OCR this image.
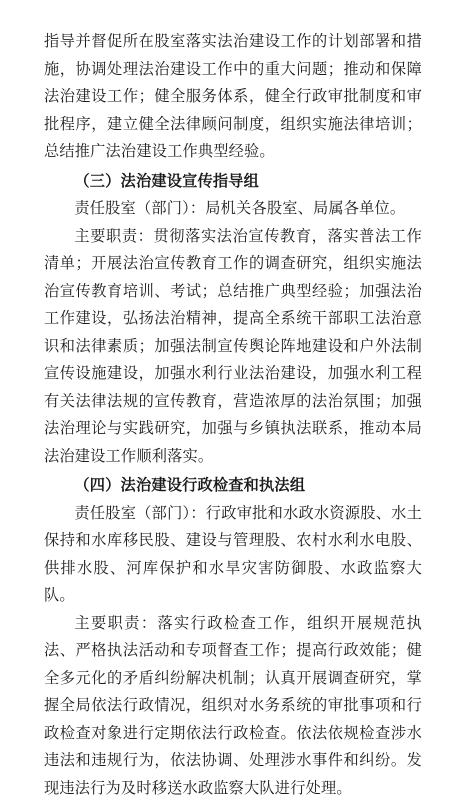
指导并督促所在股室落实法治建设工作的计划部署和措施，协调处理法治建设工作中的重大问题；推动和保障法治建设工作；健全服务体系，健全行政审批制度和审批程序，建立健全法律顾问制度，组织实施法律培训；总结推广法治建设工作典型经验。

（三）法治建设宣传指导组

责任股室（部门）：局机关各股室、局属各单位。

主要职责：贯彻落实法治宣传教育，落实普法工作清单；开展法治宣传教育工作的调查研究，组织实施法治宣传教育培训、考试；总结推广典型经验；加强法治工作建设，弘扬法治精神，提高全系统干部职工法治意识和法律素质；加强法制宣传舆论阵地建设和户外法制宣传设施建设，加强水利行业法治建设，加强水利工程有关法律法规的宣传教育，营造浓厚的法治氛围；加强法治理论与实践研究，加强与乡镇执法联系，推动本局法治建设工作顺利落实。

（四）法治建设行政检查和执法组

责任股室（部门）：行政审批和水政水资源股、水土保持和水库移民股、建设与管理股、农村水利水电股、供排水股、河库保护和水旱灾害防御股、水政监察大队。

主要职责：落实行政检查工作，组织开展规范执法、严格执法活动和专项督查工作；提高行政效能；健全多元化的矛盾纠纷解决机制；认真开展调查研究，掌握全局依法行政情况，组织对水务系统的审批事项和行政检查对象进行定期依法行政检查。依法依规检查涉水违法和违规行为，依法协调、处理涉水事件和纠纷。发现违法行为及时移送水政监察大队进行处理。
